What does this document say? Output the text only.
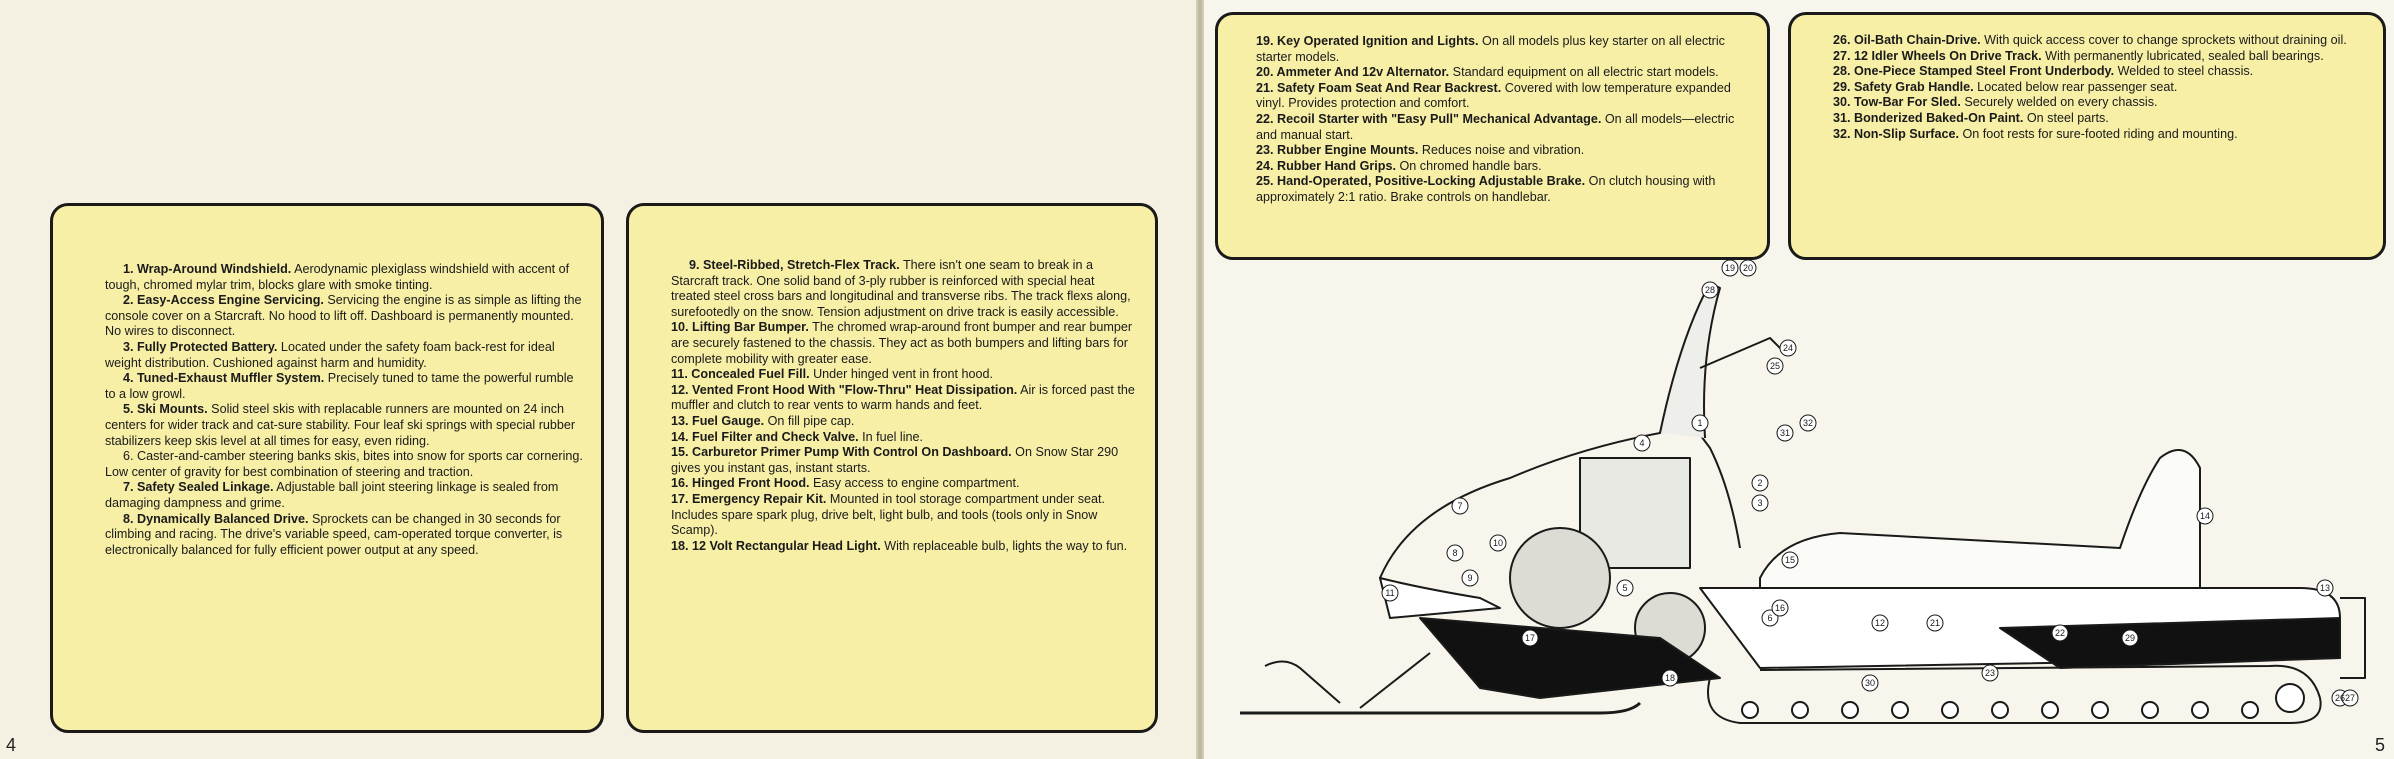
1. Wrap-Around Windshield. Aerodynamic plexiglass windshield with accent of tough, chromed mylar trim, blocks glare with smoke tinting.

2. Easy-Access Engine Servicing. Servicing the engine is as simple as lifting the console cover on a Starcraft. No hood to lift off. Dashboard is permanently mounted. No wires to disconnect.

3. Fully Protected Battery. Located under the safety foam back-rest for ideal weight distribution. Cushioned against harm and humidity.

4. Tuned-Exhaust Muffler System. Precisely tuned to tame the powerful rumble to a low growl.

5. Ski Mounts. Solid steel skis with replacable runners are mounted on 24 inch centers for wider track and cat-sure stability. Four leaf ski springs with special rubber stabilizers keep skis level at all times for easy, even riding.

6. Caster-and-camber steering banks skis, bites into snow for sports car cornering. Low center of gravity for best combination of steering and traction.

7. Safety Sealed Linkage. Adjustable ball joint steering linkage is sealed from damaging dampness and grime.

8. Dynamically Balanced Drive. Sprockets can be changed in 30 seconds for climbing and racing. The drive's variable speed, cam-operated torque converter, is electronically balanced for fully efficient power output at any speed.

9. Steel-Ribbed, Stretch-Flex Track. There isn't one seam to break in a Starcraft track. One solid band of 3-ply rubber is reinforced with special heat treated steel cross bars and longitudinal and transverse ribs. The track flexs along, surefootedly on the snow. Tension adjustment on drive track is easily accessible.

10. Lifting Bar Bumper. The chromed wrap-around front bumper and rear bumper are securely fastened to the chassis. They act as both bumpers and lifting bars for complete mobility with greater ease.

11. Concealed Fuel Fill. Under hinged vent in front hood.

12. Vented Front Hood With "Flow-Thru" Heat Dissipation. Air is forced past the muffler and clutch to rear vents to warm hands and feet.

13. Fuel Gauge. On fill pipe cap.

14. Fuel Filter and Check Valve. In fuel line.

15. Carburetor Primer Pump With Control On Dashboard. On Snow Star 290 gives you instant gas, instant starts.

16. Hinged Front Hood. Easy access to engine compartment.

17. Emergency Repair Kit. Mounted in tool storage compartment under seat. Includes spare spark plug, drive belt, light bulb, and tools (tools only in Snow Scamp).

18. 12 Volt Rectangular Head Light. With replaceable bulb, lights the way to fun.

19. Key Operated Ignition and Lights. On all models plus key starter on all electric starter models.

20. Ammeter And 12v Alternator. Standard equipment on all electric start models.

21. Safety Foam Seat And Rear Backrest. Covered with low temperature expanded vinyl. Provides protection and comfort.

22. Recoil Starter with "Easy Pull" Mechanical Advantage. On all models—electric and manual start.

23. Rubber Engine Mounts. Reduces noise and vibration.

24. Rubber Hand Grips. On chromed handle bars.

25. Hand-Operated, Positive-Locking Adjustable Brake. On clutch housing with approximately 2:1 ratio. Brake controls on handlebar.

26. Oil-Bath Chain-Drive. With quick access cover to change sprockets without draining oil.

27. 12 Idler Wheels On Drive Track. With permanently lubricated, sealed ball bearings.

28. One-Piece Stamped Steel Front Underbody. Welded to steel chassis.

29. Safety Grab Handle. Located below rear passenger seat.

30. Tow-Bar For Sled. Securely welded on every chassis.

31. Bonderized Baked-On Paint. On steel parts.

32. Non-Slip Surface. On foot rests for sure-footed riding and mounting.

19
28
20
24
25
1
2
3
4
5
6
7
8
9
10
11
12
13
14
15
16
17
18
21
22
23
26 27
29
30
31
32
4	5
